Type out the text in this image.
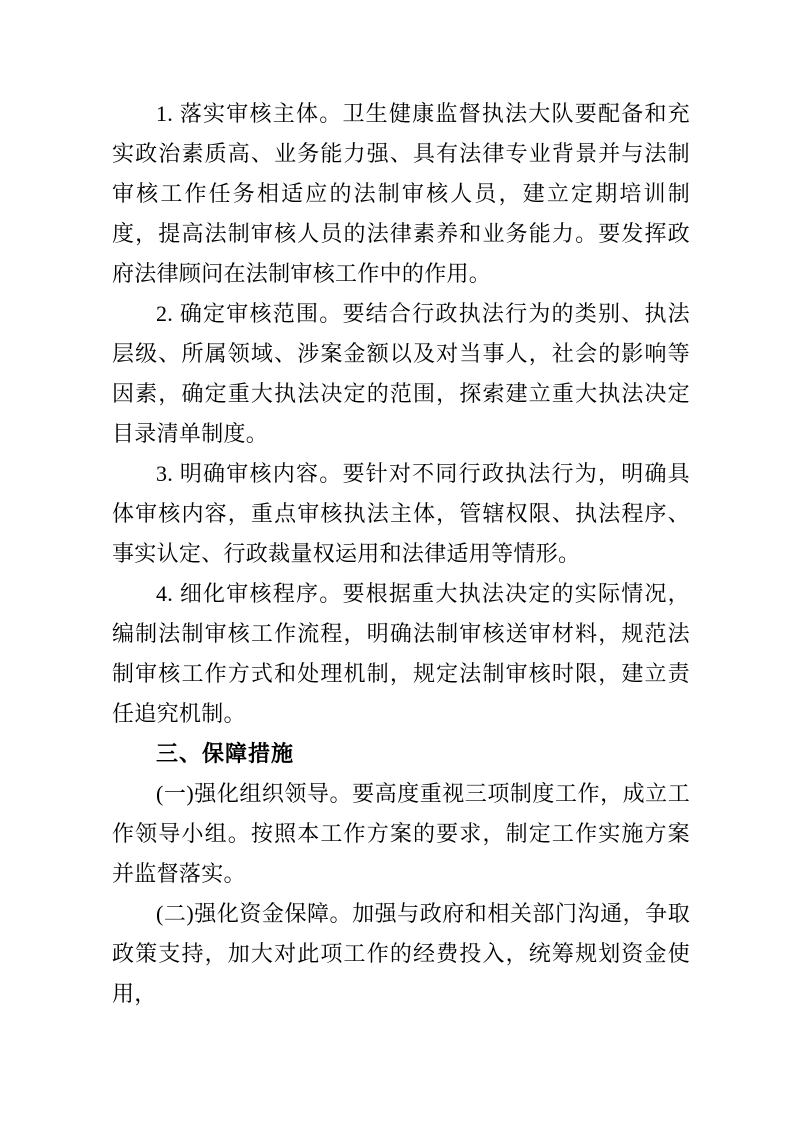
1. 落实审核主体。卫生健康监督执法大队要配备和充实政治素质高、业务能力强、具有法律专业背景并与法制审核工作任务相适应的法制审核人员，建立定期培训制度，提高法制审核人员的法律素养和业务能力。要发挥政府法律顾问在法制审核工作中的作用。

2. 确定审核范围。要结合行政执法行为的类别、执法层级、所属领域、涉案金额以及对当事人，社会的影响等因素，确定重大执法决定的范围，探索建立重大执法决定目录清单制度。

3. 明确审核内容。要针对不同行政执法行为，明确具体审核内容，重点审核执法主体，管辖权限、执法程序、事实认定、行政裁量权运用和法律适用等情形。

4. 细化审核程序。要根据重大执法决定的实际情况，编制法制审核工作流程，明确法制审核送审材料，规范法制审核工作方式和处理机制，规定法制审核时限，建立责任追究机制。

三、保障措施

(一)强化组织领导。要高度重视三项制度工作，成立工作领导小组。按照本工作方案的要求，制定工作实施方案并监督落实。

(二)强化资金保障。加强与政府和相关部门沟通，争取政策支持，加大对此项工作的经费投入，统筹规划资金使用，
